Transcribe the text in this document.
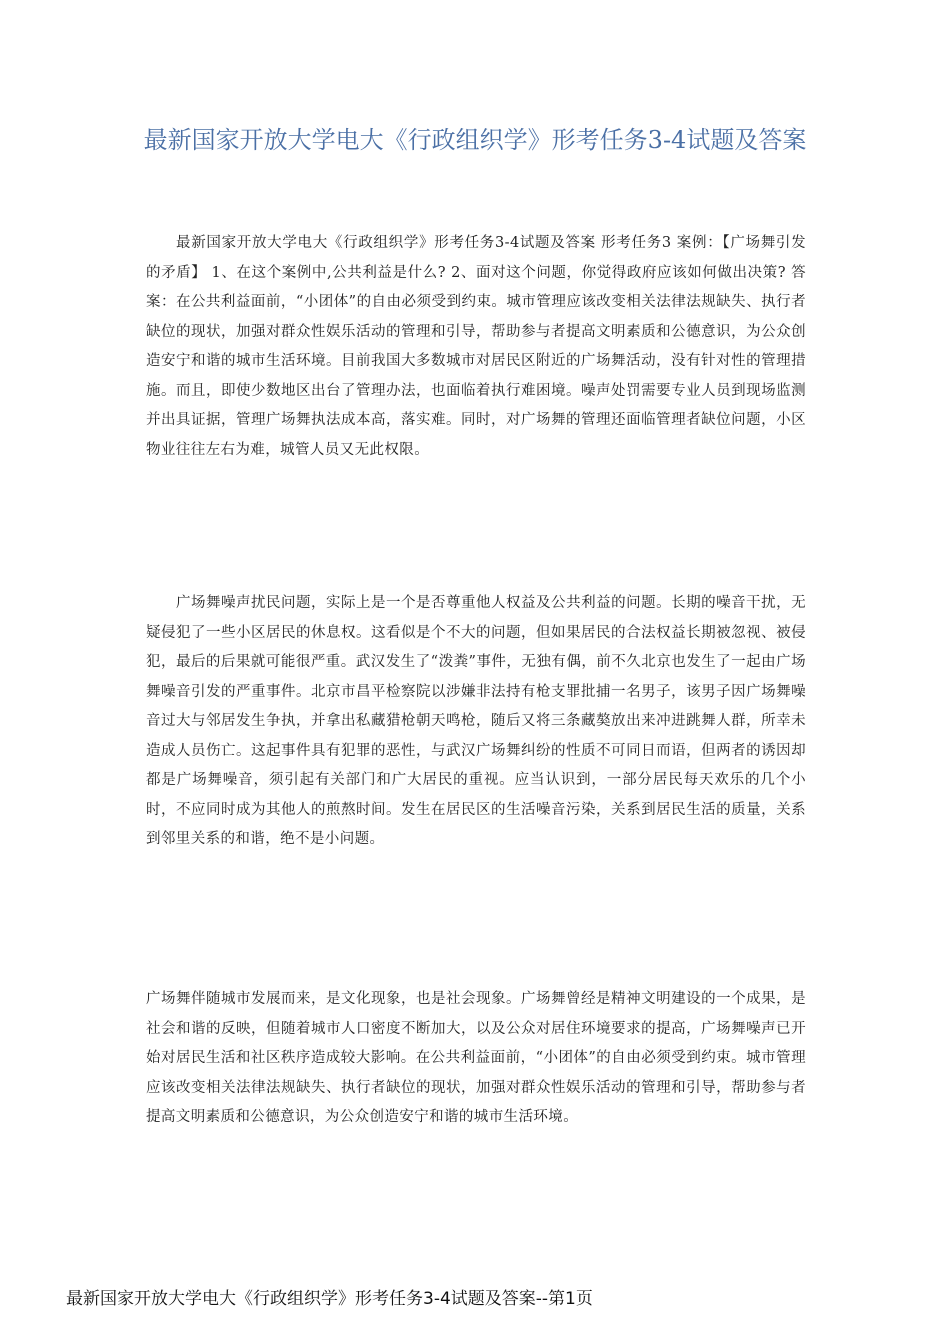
最新国家开放大学电大《行政组织学》形考任务3-4试题及答案

最新国家开放大学电大《行政组织学》形考任务3-4试题及答案 形考任务3 案例：【广场舞引发的矛盾】 1、在这个案例中,公共利益是什么? 2、面对这个问题，你觉得政府应该如何做出决策? 答案：在公共利益面前，“小团体”的自由必须受到约束。城市管理应该改变相关法律法规缺失、执行者缺位的现状，加强对群众性娱乐活动的管理和引导，帮助参与者提高文明素质和公德意识，为公众创造安宁和谐的城市生活环境。目前我国大多数城市对居民区附近的广场舞活动，没有针对性的管理措施。而且，即使少数地区出台了管理办法，也面临着执行难困境。噪声处罚需要专业人员到现场监测并出具证据，管理广场舞执法成本高，落实难。同时，对广场舞的管理还面临管理者缺位问题，小区物业往往左右为难，城管人员又无此权限。

广场舞噪声扰民问题，实际上是一个是否尊重他人权益及公共利益的问题。长期的噪音干扰，无疑侵犯了一些小区居民的休息权。这看似是个不大的问题，但如果居民的合法权益长期被忽视、被侵犯，最后的后果就可能很严重。武汉发生了“泼粪”事件，无独有偶，前不久北京也发生了一起由广场舞噪音引发的严重事件。北京市昌平检察院以涉嫌非法持有枪支罪批捕一名男子，该男子因广场舞噪音过大与邻居发生争执，并拿出私藏猎枪朝天鸣枪，随后又将三条藏獒放出来冲进跳舞人群，所幸未造成人员伤亡。这起事件具有犯罪的恶性，与武汉广场舞纠纷的性质不可同日而语，但两者的诱因却都是广场舞噪音，须引起有关部门和广大居民的重视。应当认识到，一部分居民每天欢乐的几个小时，不应同时成为其他人的煎熬时间。发生在居民区的生活噪音污染，关系到居民生活的质量，关系到邻里关系的和谐，绝不是小问题。

广场舞伴随城市发展而来，是文化现象，也是社会现象。广场舞曾经是精神文明建设的一个成果，是社会和谐的反映，但随着城市人口密度不断加大，以及公众对居住环境要求的提高，广场舞噪声已开始对居民生活和社区秩序造成较大影响。在公共利益面前，“小团体”的自由必须受到约束。城市管理应该改变相关法律法规缺失、执行者缺位的现状，加强对群众性娱乐活动的管理和引导，帮助参与者提高文明素质和公德意识，为公众创造安宁和谐的城市生活环境。

最新国家开放大学电大《行政组织学》形考任务3-4试题及答案--第1页
